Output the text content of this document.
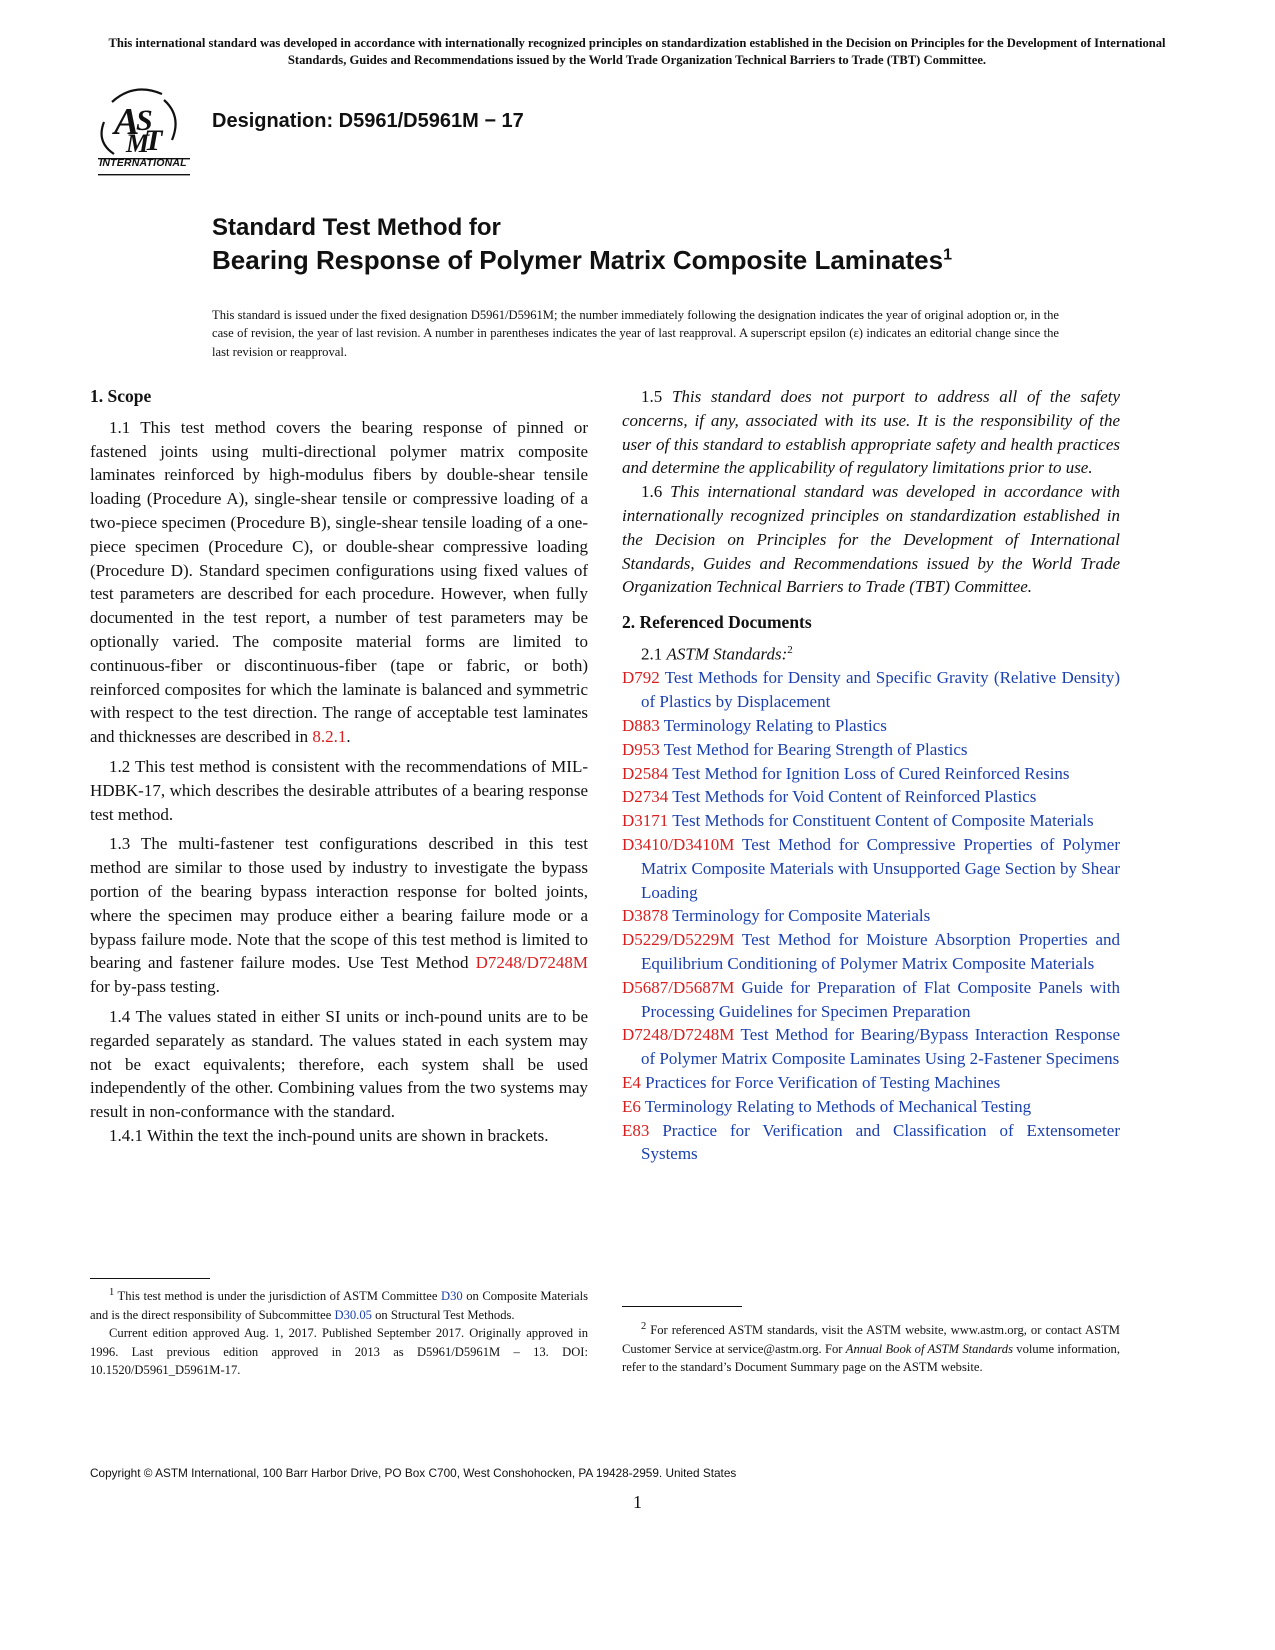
This international standard was developed in accordance with internationally recognized principles on standardization established in the Decision on Principles for the Development of International Standards, Guides and Recommendations issued by the World Trade Organization Technical Barriers to Trade (TBT) Committee.
A
S
T
M
INTERNATIONAL
Designation: D5961/D5961M − 17
Standard Test Method for
Bearing Response of Polymer Matrix Composite Laminates$^1$
This standard is issued under the fixed designation D5961/D5961M; the number immediately following the designation indicates the year of original adoption or, in the case of revision, the year of last revision. A number in parentheses indicates the year of last reapproval. A superscript epsilon (ε) indicates an editorial change since the last revision or reapproval.

1. Scope

1.1 This test method covers the bearing response of pinned or fastened joints using multi-directional polymer matrix composite laminates reinforced by high-modulus fibers by double-shear tensile loading (Procedure A), single-shear tensile or compressive loading of a two-piece specimen (Procedure B), single-shear tensile loading of a one-piece specimen (Procedure C), or double-shear compressive loading (Procedure D). Standard specimen configurations using fixed values of test parameters are described for each procedure. However, when fully documented in the test report, a number of test parameters may be optionally varied. The composite material forms are limited to continuous-fiber or discontinuous-fiber (tape or fabric, or both) reinforced composites for which the laminate is balanced and symmetric with respect to the test direction. The range of acceptable test laminates and thicknesses are described in 8.2.1.

1.2 This test method is consistent with the recommendations of MIL-HDBK-17, which describes the desirable attributes of a bearing response test method.

1.3 The multi-fastener test configurations described in this test method are similar to those used by industry to investigate the bypass portion of the bearing bypass interaction response for bolted joints, where the specimen may produce either a bearing failure mode or a bypass failure mode. Note that the scope of this test method is limited to bearing and fastener failure modes. Use Test Method D7248/D7248M for by-pass testing.

1.4 The values stated in either SI units or inch-pound units are to be regarded separately as standard. The values stated in each system may not be exact equivalents; therefore, each system shall be used independently of the other. Combining values from the two systems may result in non-conformance with the standard.

1.4.1 Within the text the inch-pound units are shown in brackets.

$^1$ This test method is under the jurisdiction of ASTM Committee D30 on Composite Materials and is the direct responsibility of Subcommittee D30.05 on Structural Test Methods.

Current edition approved Aug. 1, 2017. Published September 2017. Originally approved in 1996. Last previous edition approved in 2013 as D5961/D5961M – 13. DOI: 10.1520/D5961_D5961M-17.

1.5 This standard does not purport to address all of the safety concerns, if any, associated with its use. It is the responsibility of the user of this standard to establish appropriate safety and health practices and determine the applicability of regulatory limitations prior to use.

1.6 This international standard was developed in accordance with internationally recognized principles on standardization established in the Decision on Principles for the Development of International Standards, Guides and Recommendations issued by the World Trade Organization Technical Barriers to Trade (TBT) Committee.

2. Referenced Documents

2.1 ASTM Standards:$^2$

D792 Test Methods for Density and Specific Gravity (Relative Density) of Plastics by Displacement

D883 Terminology Relating to Plastics

D953 Test Method for Bearing Strength of Plastics

D2584 Test Method for Ignition Loss of Cured Reinforced Resins

D2734 Test Methods for Void Content of Reinforced Plastics

D3171 Test Methods for Constituent Content of Composite Materials

D3410/D3410M Test Method for Compressive Properties of Polymer Matrix Composite Materials with Unsupported Gage Section by Shear Loading

D3878 Terminology for Composite Materials

D5229/D5229M Test Method for Moisture Absorption Properties and Equilibrium Conditioning of Polymer Matrix Composite Materials

D5687/D5687M Guide for Preparation of Flat Composite Panels with Processing Guidelines for Specimen Preparation

D7248/D7248M Test Method for Bearing/Bypass Interaction Response of Polymer Matrix Composite Laminates Using 2-Fastener Specimens

E4 Practices for Force Verification of Testing Machines

E6 Terminology Relating to Methods of Mechanical Testing

E83 Practice for Verification and Classification of Extensometer Systems

$^2$ For referenced ASTM standards, visit the ASTM website, www.astm.org, or contact ASTM Customer Service at service@astm.org. For Annual Book of ASTM Standards volume information, refer to the standard’s Document Summary page on the ASTM website.

Copyright © ASTM International, 100 Barr Harbor Drive, PO Box C700, West Conshohocken, PA 19428-2959. United States
1
